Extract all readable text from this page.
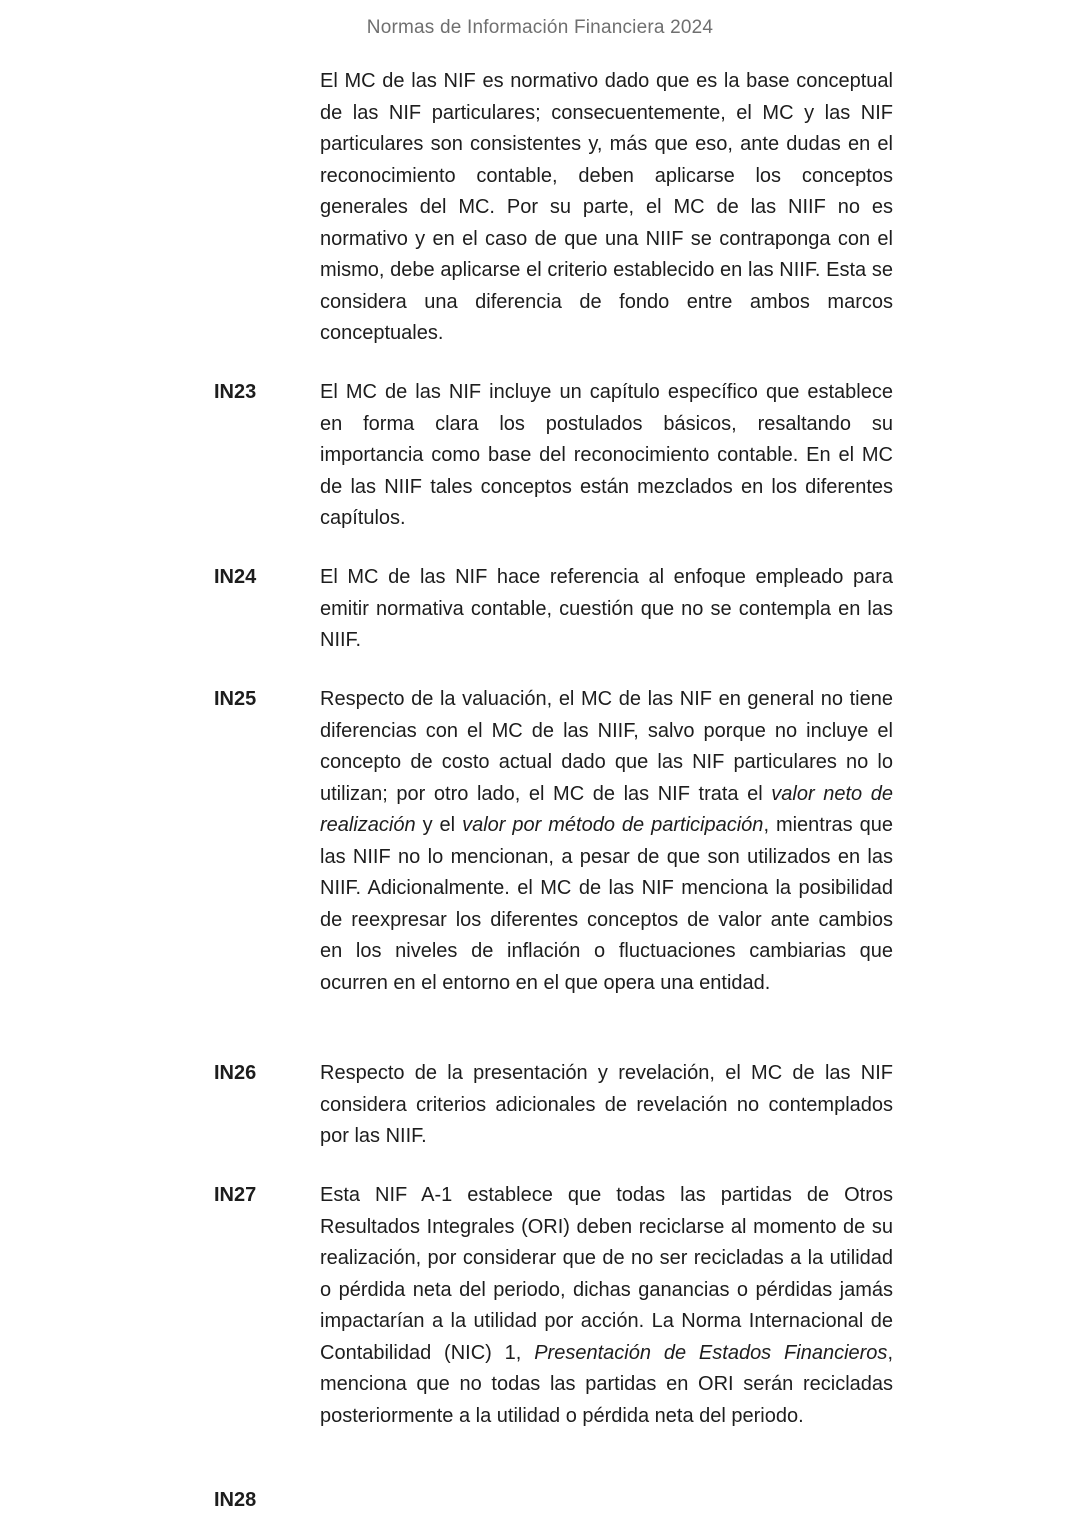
Normas de Información Financiera 2024

El MC de las NIF es normativo dado que es la base conceptual de las NIF particulares; consecuentemente, el MC y las NIF particulares son consistentes y, más que eso, ante dudas en el reconocimiento contable, deben aplicarse los conceptos generales del MC. Por su parte, el MC de las NIIF no es normativo y en el caso de que una NIIF se contraponga con el mismo, debe aplicarse el criterio establecido en las NIIF. Esta se considera una diferencia de fondo entre ambos marcos conceptuales.

IN23	El MC de las NIF incluye un capítulo específico que establece en forma clara los postulados básicos, resaltando su importancia como base del reconocimiento contable. En el MC de las NIIF tales conceptos están mezclados en los diferentes capítulos.

IN24	El MC de las NIF hace referencia al enfoque empleado para emitir normativa contable, cuestión que no se contempla en las NIIF.

IN25	Respecto de la valuación, el MC de las NIF en general no tiene diferencias con el MC de las NIIF, salvo porque no incluye el concepto de costo actual dado que las NIF particulares no lo utilizan; por otro lado, el MC de las NIF trata el valor neto de realización y el valor por método de participación, mientras que las NIIF no lo mencionan, a pesar de que son utilizados en las NIIF. Adicionalmente. el MC de las NIF menciona la posibilidad de reexpresar los diferentes conceptos de valor ante cambios en los niveles de inflación o fluctuaciones cambiarias que ocurren en el entorno en el que opera una entidad.

IN26	Respecto de la presentación y revelación, el MC de las NIF considera criterios adicionales de revelación no contemplados por las NIIF.

IN27	Esta NIF A-1 establece que todas las partidas de Otros Resultados Integrales (ORI) deben reciclarse al momento de su realización, por considerar que de no ser recicladas a la utilidad o pérdida neta del periodo, dichas ganancias o pérdidas jamás impactarían a la utilidad por acción. La Norma Internacional de Contabilidad (NIC) 1, Presentación de Estados Financieros, menciona que no todas las partidas en ORI serán recicladas posteriormente a la utilidad o pérdida neta del periodo.

IN28
